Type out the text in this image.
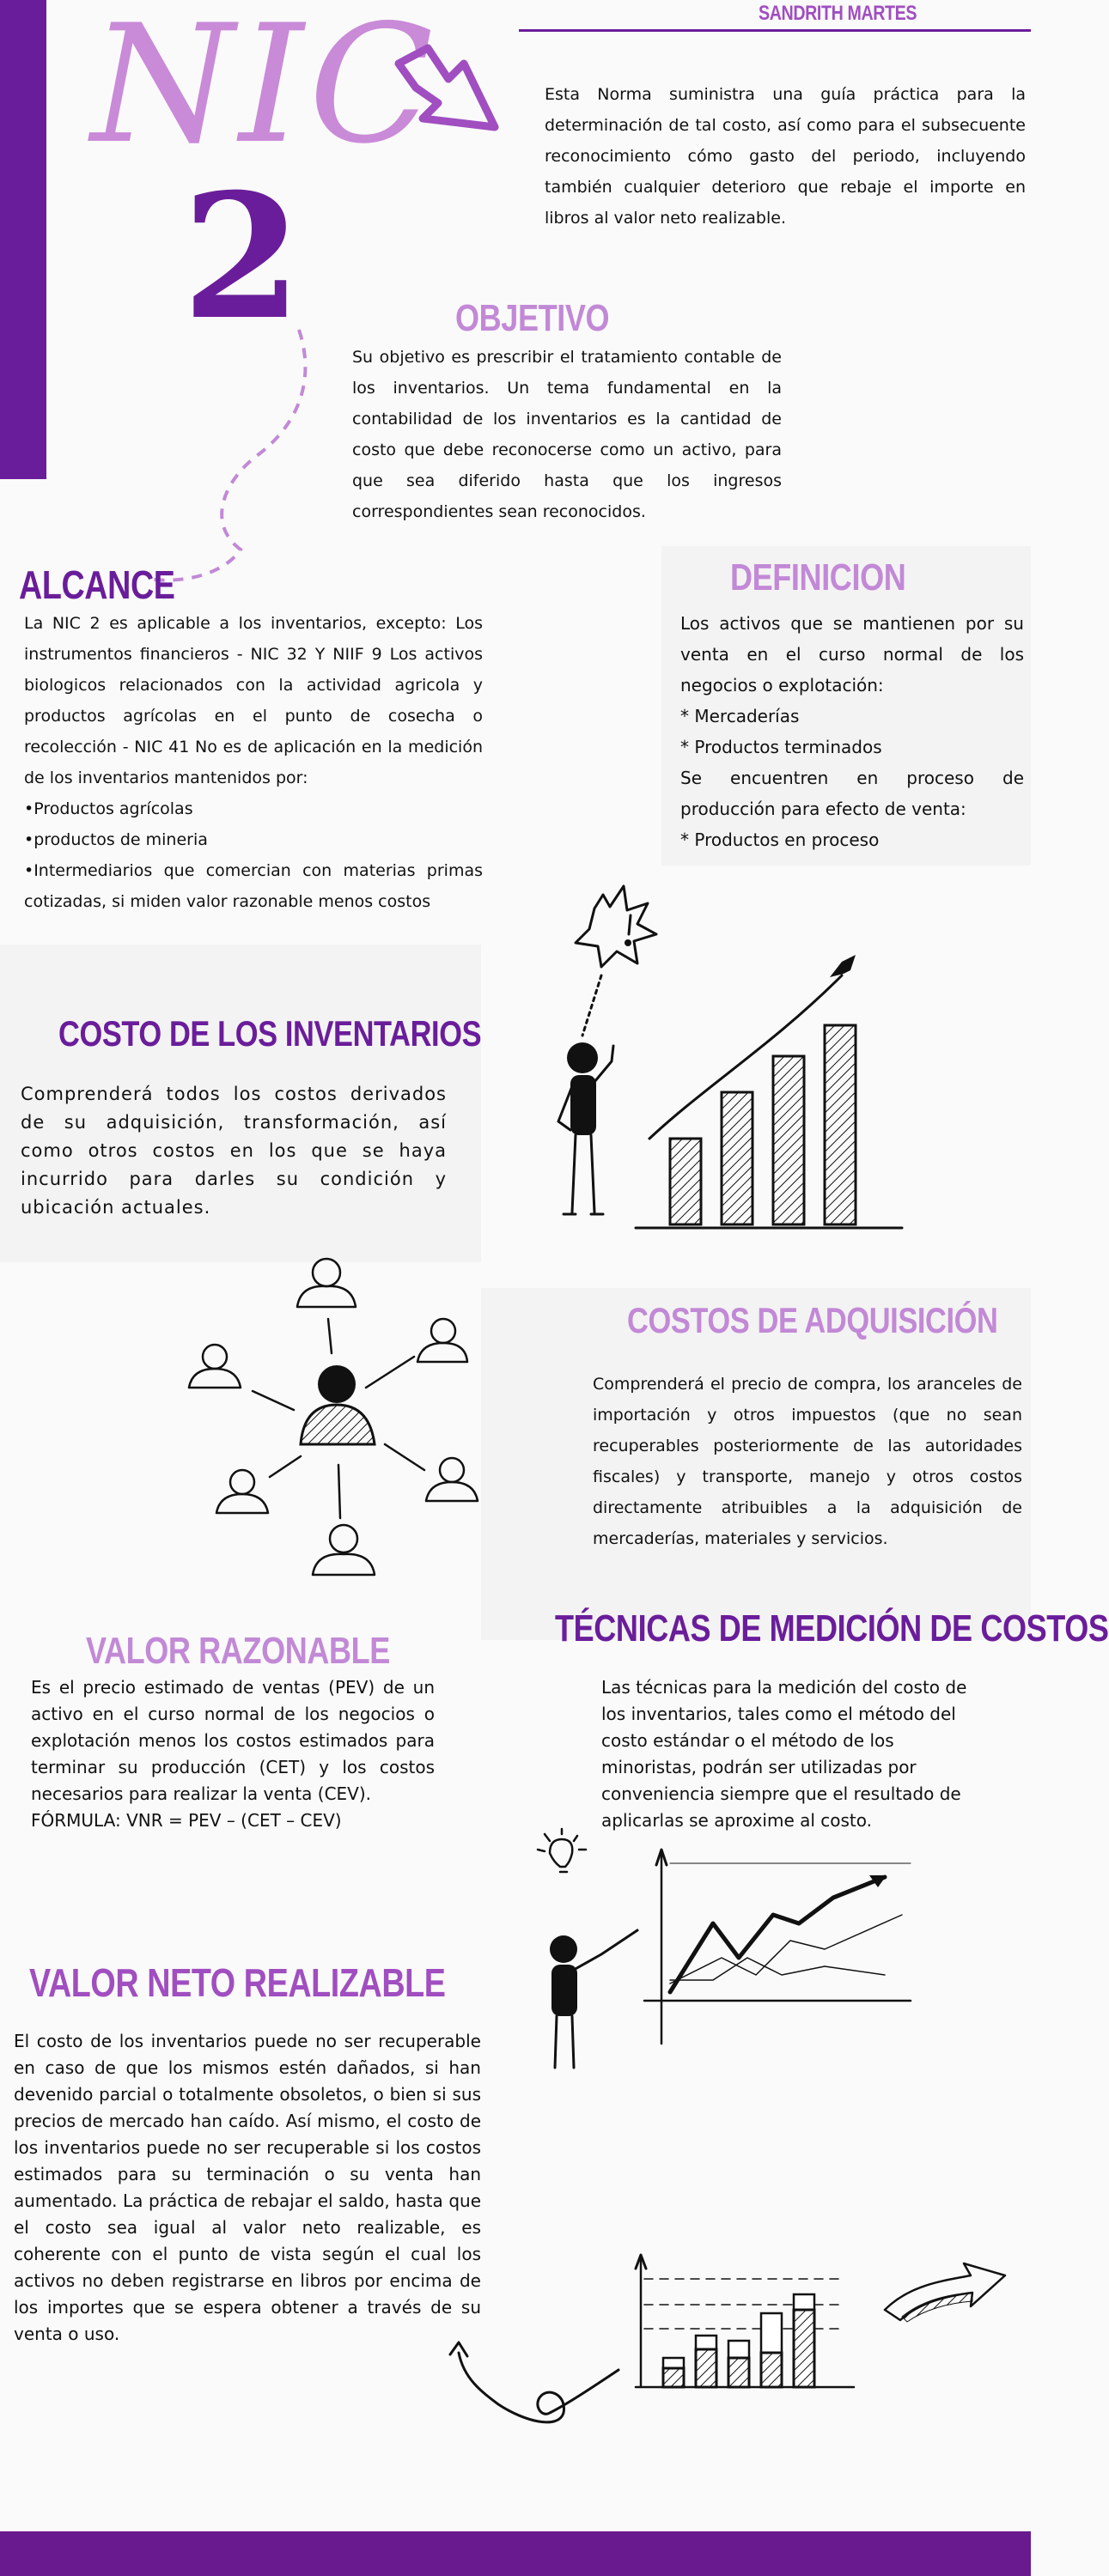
SANDRITH MARTES
NIC
2
Esta Norma suministra una guía práctica para la determinación de tal costo, así como para el subsecuente reconocimiento cómo gasto del periodo, incluyendo también cualquier deterioro que rebaje el importe en libros al valor neto realizable.
OBJETIVO
Su objetivo es prescribir el tratamiento contable de los inventarios. Un tema fundamental en la contabilidad de los inventarios es la cantidad de costo que debe reconocerse como un activo, para que sea diferido hasta que los ingresos correspondientes sean reconocidos.
ALCANCE
La NIC 2 es aplicable a los inventarios, excepto: Los instrumentos financieros - NIC 32 Y NIIF 9 Los activos biologicos relacionados con la actividad agricola y productos agrícolas en el punto de cosecha o recolección - NIC 41 No es de aplicación en la medición de los inventarios mantenidos por:
•Productos agrícolas
•productos de mineria
•Intermediarios que comercian con materias primas cotizadas, si miden valor razonable menos costos
DEFINICION
Los activos que se mantienen por su venta en el curso normal de los negocios o explotación:
* Mercaderías
* Productos terminados
Se encuentren en proceso de producción para efecto de venta:
* Productos en proceso
COSTO DE LOS INVENTARIOS
Comprenderá todos los costos derivados de su adquisición, transformación, así como otros costos en los que se haya incurrido para darles su condición y ubicación actuales.
COSTOS DE ADQUISICIÓN
Comprenderá el precio de compra, los aranceles de importación y otros impuestos (que no sean recuperables posteriormente de las autoridades fiscales) y transporte, manejo y otros costos directamente atribuibles a la adquisición de mercaderías, materiales y servicios.
VALOR RAZONABLE
Es el precio estimado de ventas (PEV) de un activo en el curso normal de los negocios o explotación menos los costos estimados para terminar su producción (CET) y los costos necesarios para realizar la venta (CEV).
FÓRMULA: VNR = PEV – (CET – CEV)
TÉCNICAS DE MEDICIÓN DE COSTOS
Las técnicas para la medición del costo de los inventarios, tales como el método del costo estándar o el método de los minoristas, podrán ser utilizadas por conveniencia siempre que el resultado de aplicarlas se aproxime al costo.
VALOR NETO REALIZABLE
El costo de los inventarios puede no ser recuperable en caso de que los mismos estén dañados, si han devenido parcial o totalmente obsoletos, o bien si sus precios de mercado han caído. Así mismo, el costo de los inventarios puede no ser recuperable si los costos estimados para su terminación o su venta han aumentado. La práctica de rebajar el saldo, hasta que el costo sea igual al valor neto realizable, es coherente con el punto de vista según el cual los activos no deben registrarse en libros por encima de los importes que se espera obtener a través de su venta o uso.
